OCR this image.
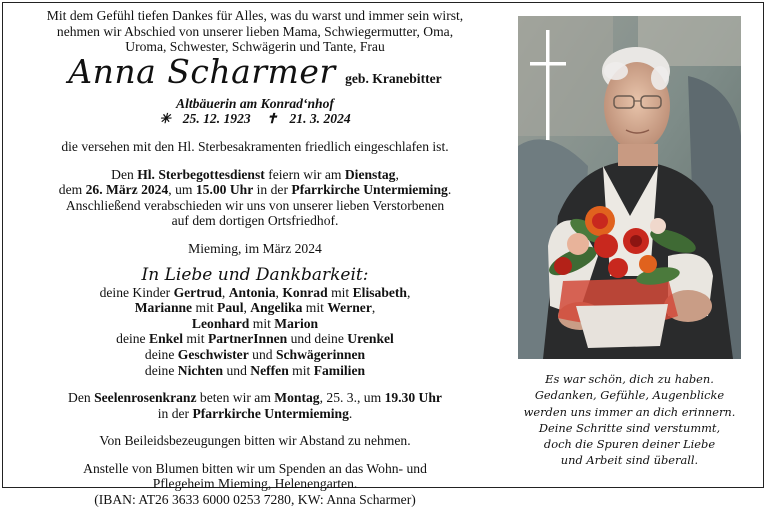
Mit dem Gefühl tiefen Dankes für Alles, was du warst und immer sein wirst,

nehmen wir Abschied von unserer lieben Mama, Schwiegermutter, Oma,

Uroma, Schwester, Schwägerin und Tante, Frau

Anna Scharmer geb. Kranebitter

Altbäuerin am Konrad‘nhof

✳ 25. 12. 1923 ✝ 21. 3. 2024

die versehen mit den Hl. Sterbesakramenten friedlich eingeschlafen ist.

Den Hl. Sterbegottesdienst feiern wir am Dienstag,

dem 26. März 2024, um 15.00 Uhr in der Pfarrkirche Untermieming.

Anschließend verabschieden wir uns von unserer lieben Verstorbenen

auf dem dortigen Ortsfriedhof.

Mieming, im März 2024

In Liebe und Dankbarkeit:

deine Kinder Gertrud, Antonia, Konrad mit Elisabeth,

Marianne mit Paul, Angelika mit Werner,

Leonhard mit Marion

deine Enkel mit PartnerInnen und deine Urenkel

deine Geschwister und Schwägerinnen

deine Nichten und Neffen mit Familien

Den Seelenrosenkranz beten wir am Montag, 25. 3., um 19.30 Uhr

in der Pfarrkirche Untermieming.

Von Beileidsbezeugungen bitten wir Abstand zu nehmen.

Anstelle von Blumen bitten wir um Spenden an das Wohn- und

Pflegeheim Mieming, Helenengarten.

(IBAN: AT26 3633 6000 0253 7280, KW: Anna Scharmer)

Es war schön, dich zu haben.

Gedanken, Gefühle, Augenblicke

werden uns immer an dich erinnern.

Deine Schritte sind verstummt,

doch die Spuren deiner Liebe

und Arbeit sind überall.
